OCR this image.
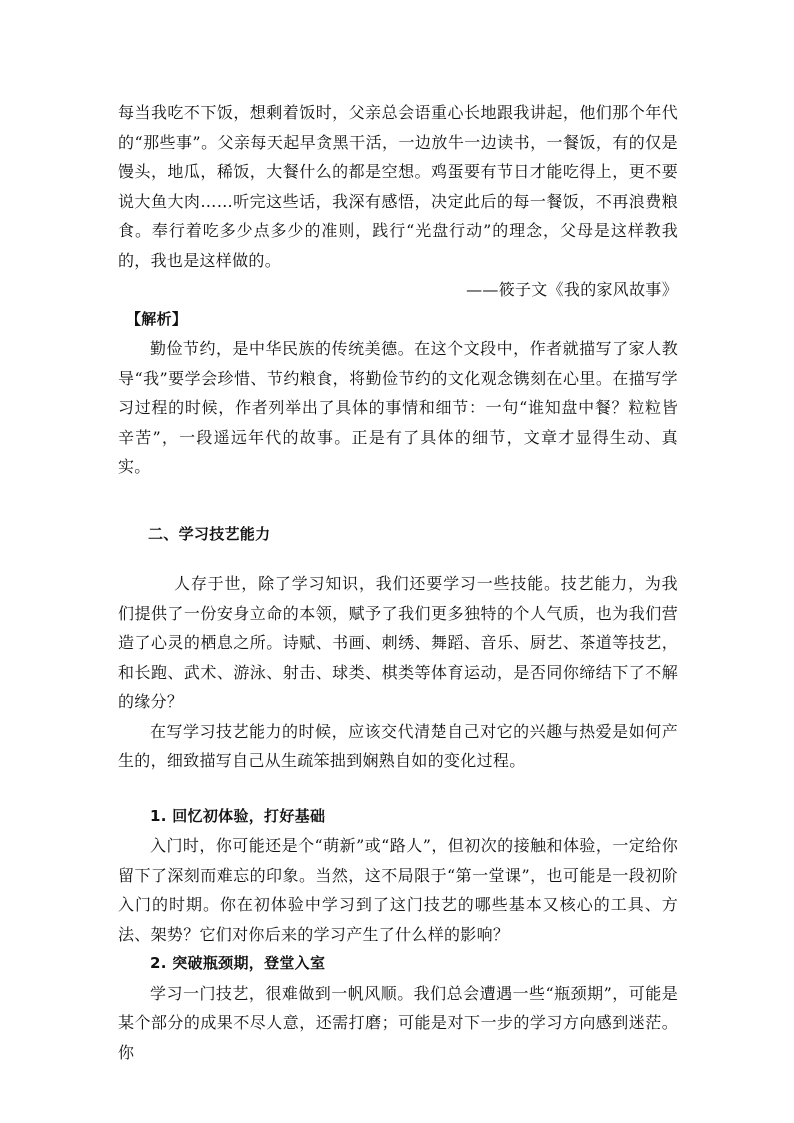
每当我吃不下饭，想剩着饭时，父亲总会语重心长地跟我讲起，他们那个年代的“那些事”。父亲每天起早贪黑干活，一边放牛一边读书，一餐饭，有的仅是馒头，地瓜，稀饭，大餐什么的都是空想。鸡蛋要有节日才能吃得上，更不要说大鱼大肉……听完这些话，我深有感悟，决定此后的每一餐饭，不再浪费粮食。奉行着吃多少点多少的准则，践行“光盘行动”的理念，父母是这样教我的，我也是这样做的。

——筱子文《我的家风故事》

【解析】

勤俭节约，是中华民族的传统美德。在这个文段中，作者就描写了家人教导“我”要学会珍惜、节约粮食，将勤俭节约的文化观念镌刻在心里。在描写学习过程的时候，作者列举出了具体的事情和细节：一句“谁知盘中餐？粒粒皆辛苦”，一段遥远年代的故事。正是有了具体的细节，文章才显得生动、真实。

二、学习技艺能力

人存于世，除了学习知识，我们还要学习一些技能。技艺能力，为我们提供了一份安身立命的本领，赋予了我们更多独特的个人气质，也为我们营造了心灵的栖息之所。诗赋、书画、刺绣、舞蹈、音乐、厨艺、茶道等技艺，和长跑、武术、游泳、射击、球类、棋类等体育运动，是否同你缔结下了不解的缘分？

在写学习技艺能力的时候，应该交代清楚自己对它的兴趣与热爱是如何产生的，细致描写自己从生疏笨拙到娴熟自如的变化过程。

1. 回忆初体验，打好基础

入门时，你可能还是个“萌新”或“路人”，但初次的接触和体验，一定给你留下了深刻而难忘的印象。当然，这不局限于“第一堂课”，也可能是一段初阶入门的时期。你在初体验中学习到了这门技艺的哪些基本又核心的工具、方法、架势？它们对你后来的学习产生了什么样的影响？

2. 突破瓶颈期，登堂入室

学习一门技艺，很难做到一帆风顺。我们总会遭遇一些“瓶颈期”，可能是某个部分的成果不尽人意，还需打磨；可能是对下一步的学习方向感到迷茫。你
